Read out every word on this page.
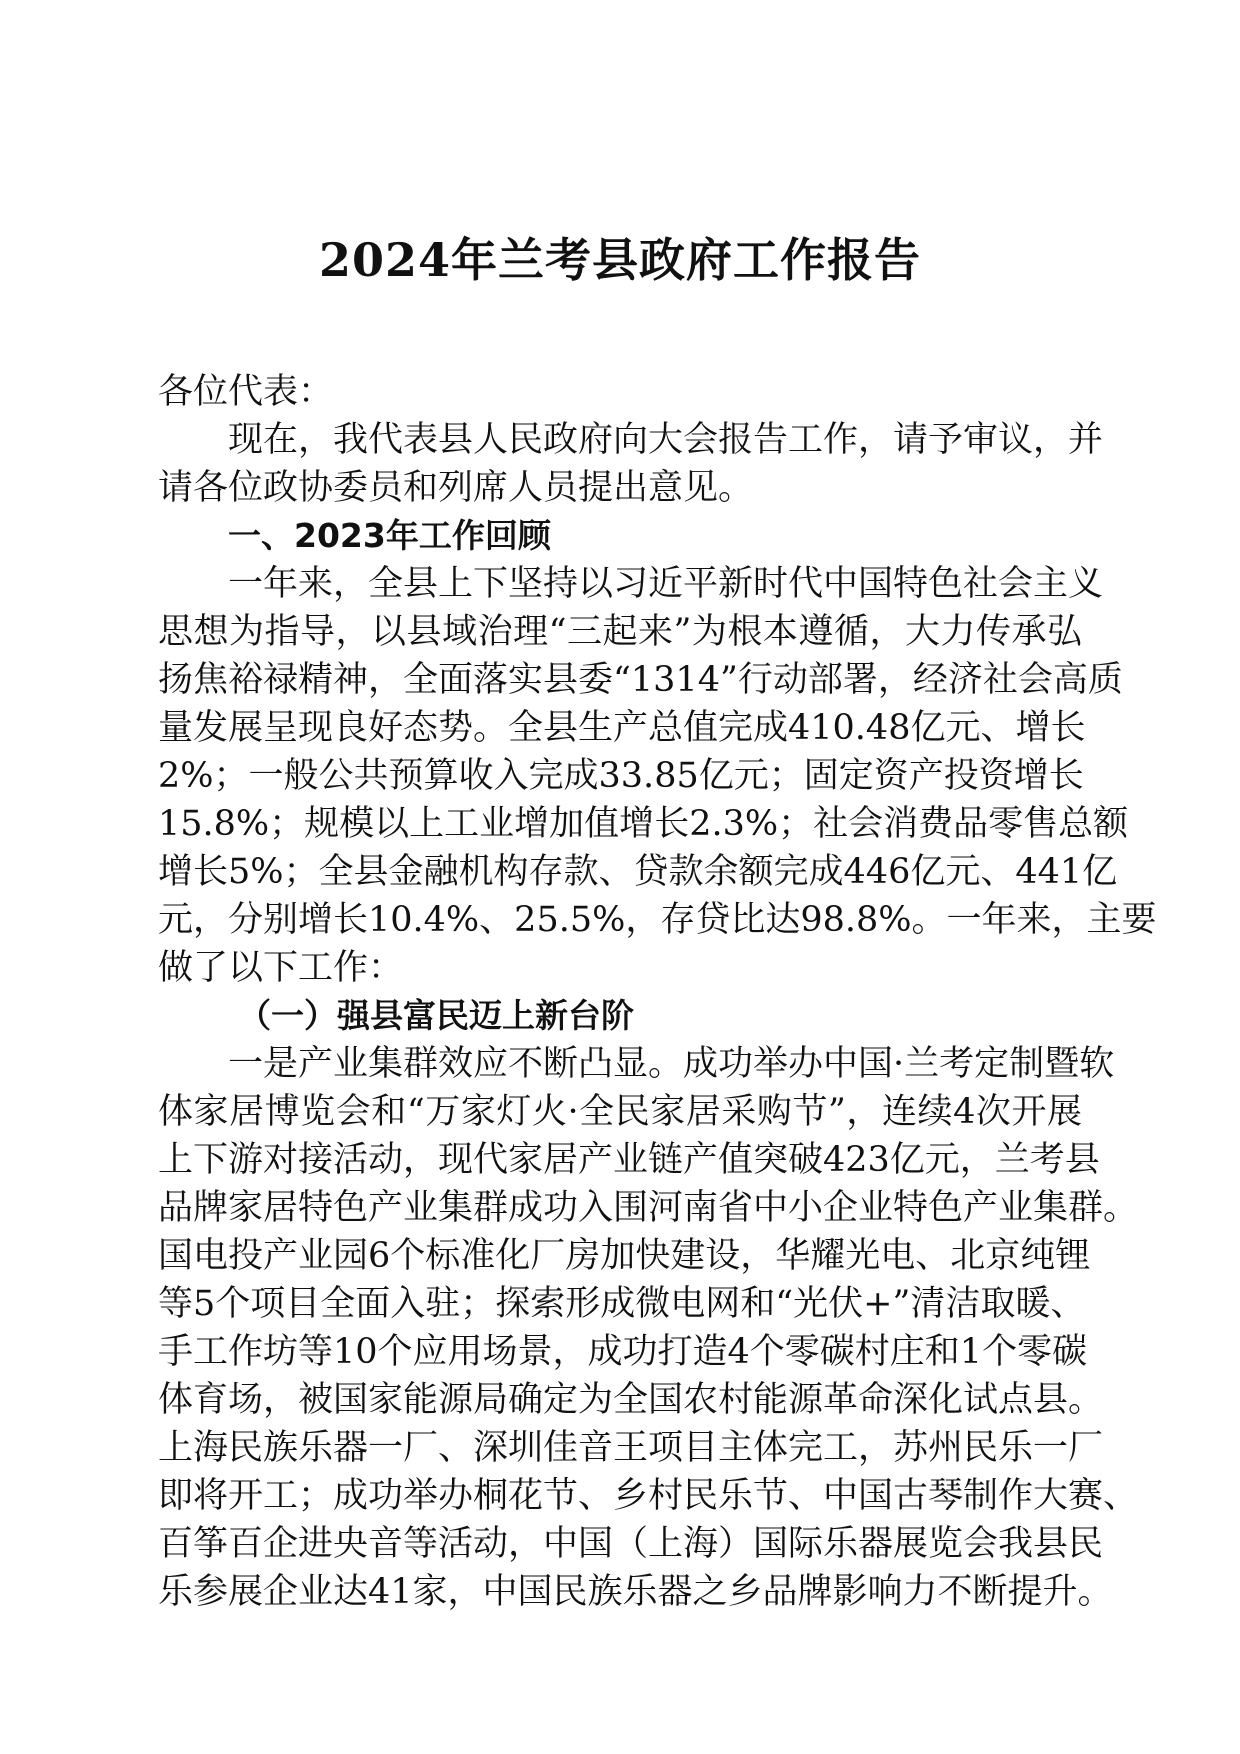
2024年兰考县政府工作报告
各位代表：
现在，我代表县人民政府向大会报告工作，请予审议，并
请各位政协委员和列席人员提出意见。
一、2023年工作回顾
一年来，全县上下坚持以习近平新时代中国特色社会主义
思想为指导，以县域治理“三起来”为根本遵循，大力传承弘
扬焦裕禄精神，全面落实县委“1314”行动部署，经济社会高质
量发展呈现良好态势。全县生产总值完成410.48亿元、增长
2%；一般公共预算收入完成33.85亿元；固定资产投资增长
15.8%；规模以上工业增加值增长2.3%；社会消费品零售总额
增长5%；全县金融机构存款、贷款余额完成446亿元、441亿
元，分别增长10.4%、25.5%，存贷比达98.8%。一年来，主要
做了以下工作：
（一）强县富民迈上新台阶
一是产业集群效应不断凸显。成功举办中国·兰考定制暨软
体家居博览会和“万家灯火·全民家居采购节”，连续4次开展
上下游对接活动，现代家居产业链产值突破423亿元，兰考县
品牌家居特色产业集群成功入围河南省中小企业特色产业集群。
国电投产业园6个标准化厂房加快建设，华耀光电、北京纯锂
等5个项目全面入驻；探索形成微电网和“光伏+”清洁取暖、
手工作坊等10个应用场景，成功打造4个零碳村庄和1个零碳
体育场，被国家能源局确定为全国农村能源革命深化试点县。
上海民族乐器一厂、深圳佳音王项目主体完工，苏州民乐一厂
即将开工；成功举办桐花节、乡村民乐节、中国古琴制作大赛、
百筝百企进央音等活动，中国（上海）国际乐器展览会我县民
乐参展企业达41家，中国民族乐器之乡品牌影响力不断提升。
